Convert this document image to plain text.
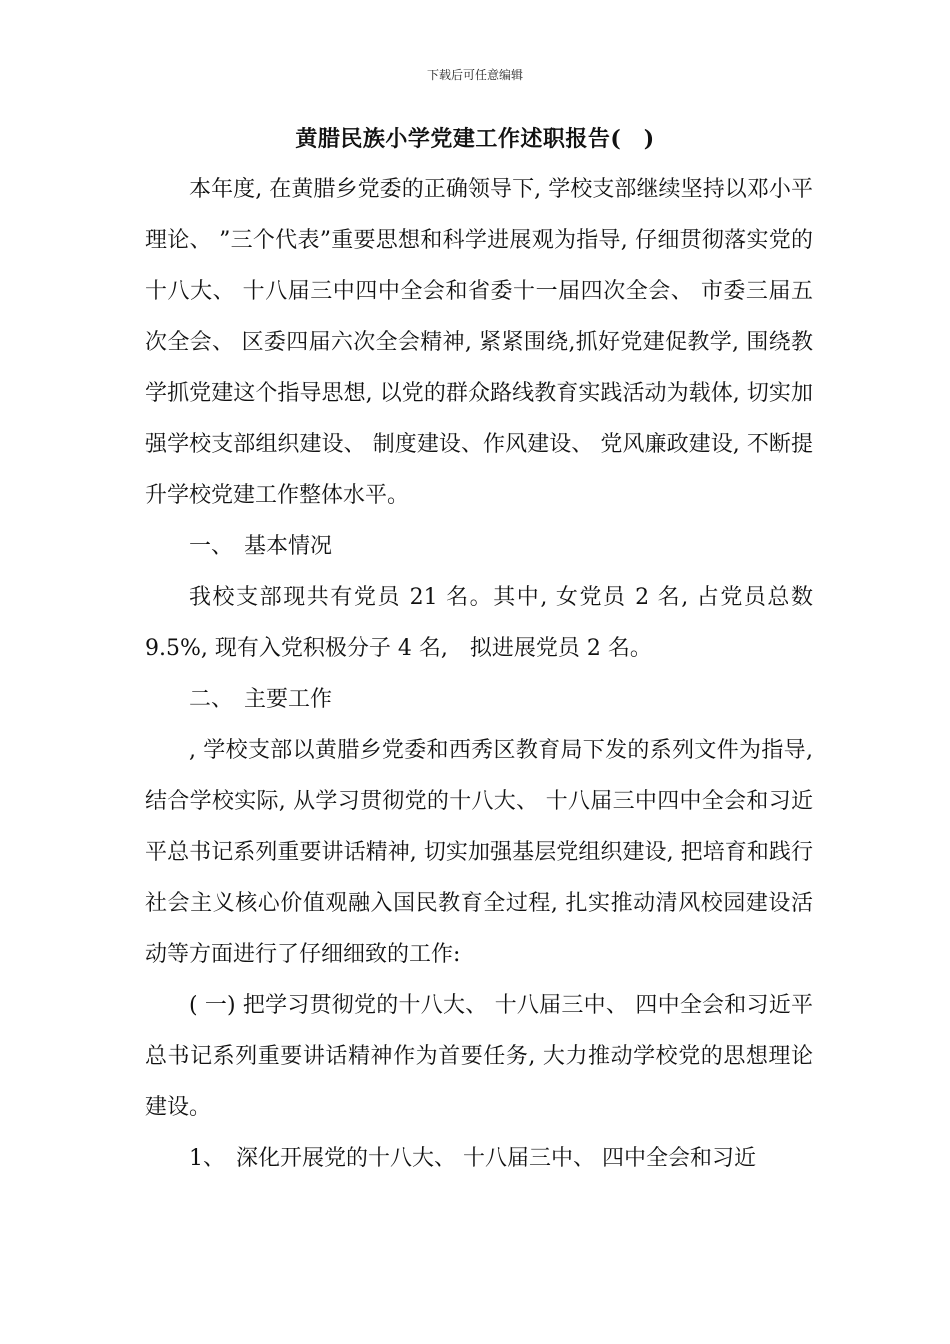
下载后可任意编辑
黄腊民族小学党建工作述职报告(　)

本年度, 在黄腊乡党委的正确领导下, 学校支部继续坚持以邓小平理论、 ”三个代表”重要思想和科学进展观为指导, 仔细贯彻落实党的十八大、 十八届三中四中全会和省委十一届四次全会、 市委三届五次全会、 区委四届六次全会精神, 紧紧围绕,抓好党建促教学, 围绕教学抓党建这个指导思想, 以党的群众路线教育实践活动为载体, 切实加强学校支部组织建设、 制度建设、作风建设、 党风廉政建设, 不断提升学校党建工作整体水平。

一、　基本情况

我校支部现共有党员 21 名。其中, 女党员 2 名, 占党员总数 9.5%, 现有入党积极分子 4 名,　拟进展党员 2 名。

二、　主要工作

, 学校支部以黄腊乡党委和西秀区教育局下发的系列文件为指导, 结合学校实际, 从学习贯彻党的十八大、 十八届三中四中全会和习近平总书记系列重要讲话精神, 切实加强基层党组织建设, 把培育和践行社会主义核心价值观融入国民教育全过程, 扎实推动清风校园建设活动等方面进行了仔细细致的工作:

( 一) 把学习贯彻党的十八大、 十八届三中、 四中全会和习近平总书记系列重要讲话精神作为首要任务, 大力推动学校党的思想理论建设。

1、　深化开展党的十八大、 十八届三中、 四中全会和习近
